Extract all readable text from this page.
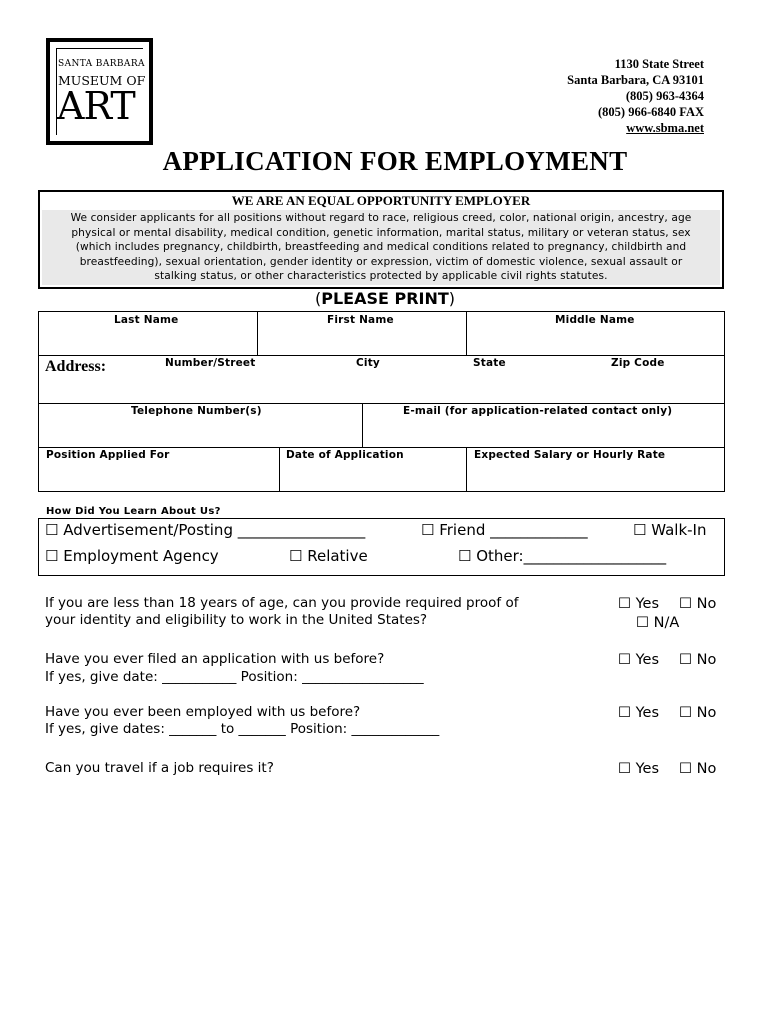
SANTA BARBARA
MUSEUM OF
ART
1130 State Street
Santa Barbara, CA 93101
(805) 963-4364
(805) 966-6840 FAX
www.sbma.net
APPLICATION FOR EMPLOYMENT
WE ARE AN EQUAL OPPORTUNITY EMPLOYER
We consider applicants for all positions without regard to race, religious creed, color, national origin, ancestry, age
physical or mental disability, medical condition, genetic information, marital status, military or veteran status, sex
(which includes pregnancy, childbirth, breastfeeding and medical conditions related to pregnancy, childbirth and
breastfeeding), sexual orientation, gender identity or expression, victim of domestic violence, sexual assault or
stalking status, or other characteristics protected by applicable civil rights statutes.
(PLEASE PRINT)
Last Name	First Name	Middle Name
Address:	Number/Street	City	State	Zip Code
Telephone Number(s)	E-mail (for application-related contact only)
Position Applied For	Date of Application	Expected Salary or Hourly Rate
How Did You Learn About Us?
☐ Advertisement/Posting _________________	☐ Friend _____________	☐ Walk-In
☐ Employment Agency	☐ Relative	☐ Other:___________________
If you are less than 18 years of age, can you provide required proof of
your identity and eligibility to work in the United States?
☐ Yes ☐ No
☐ N/A
Have you ever filed an application with us before?
If yes, give date: ___________ Position: __________________
☐ Yes ☐ No
Have you ever been employed with us before?
If yes, give dates: _______ to _______ Position: _____________
☐ Yes ☐ No
Can you travel if a job requires it?	☐ Yes ☐ No
